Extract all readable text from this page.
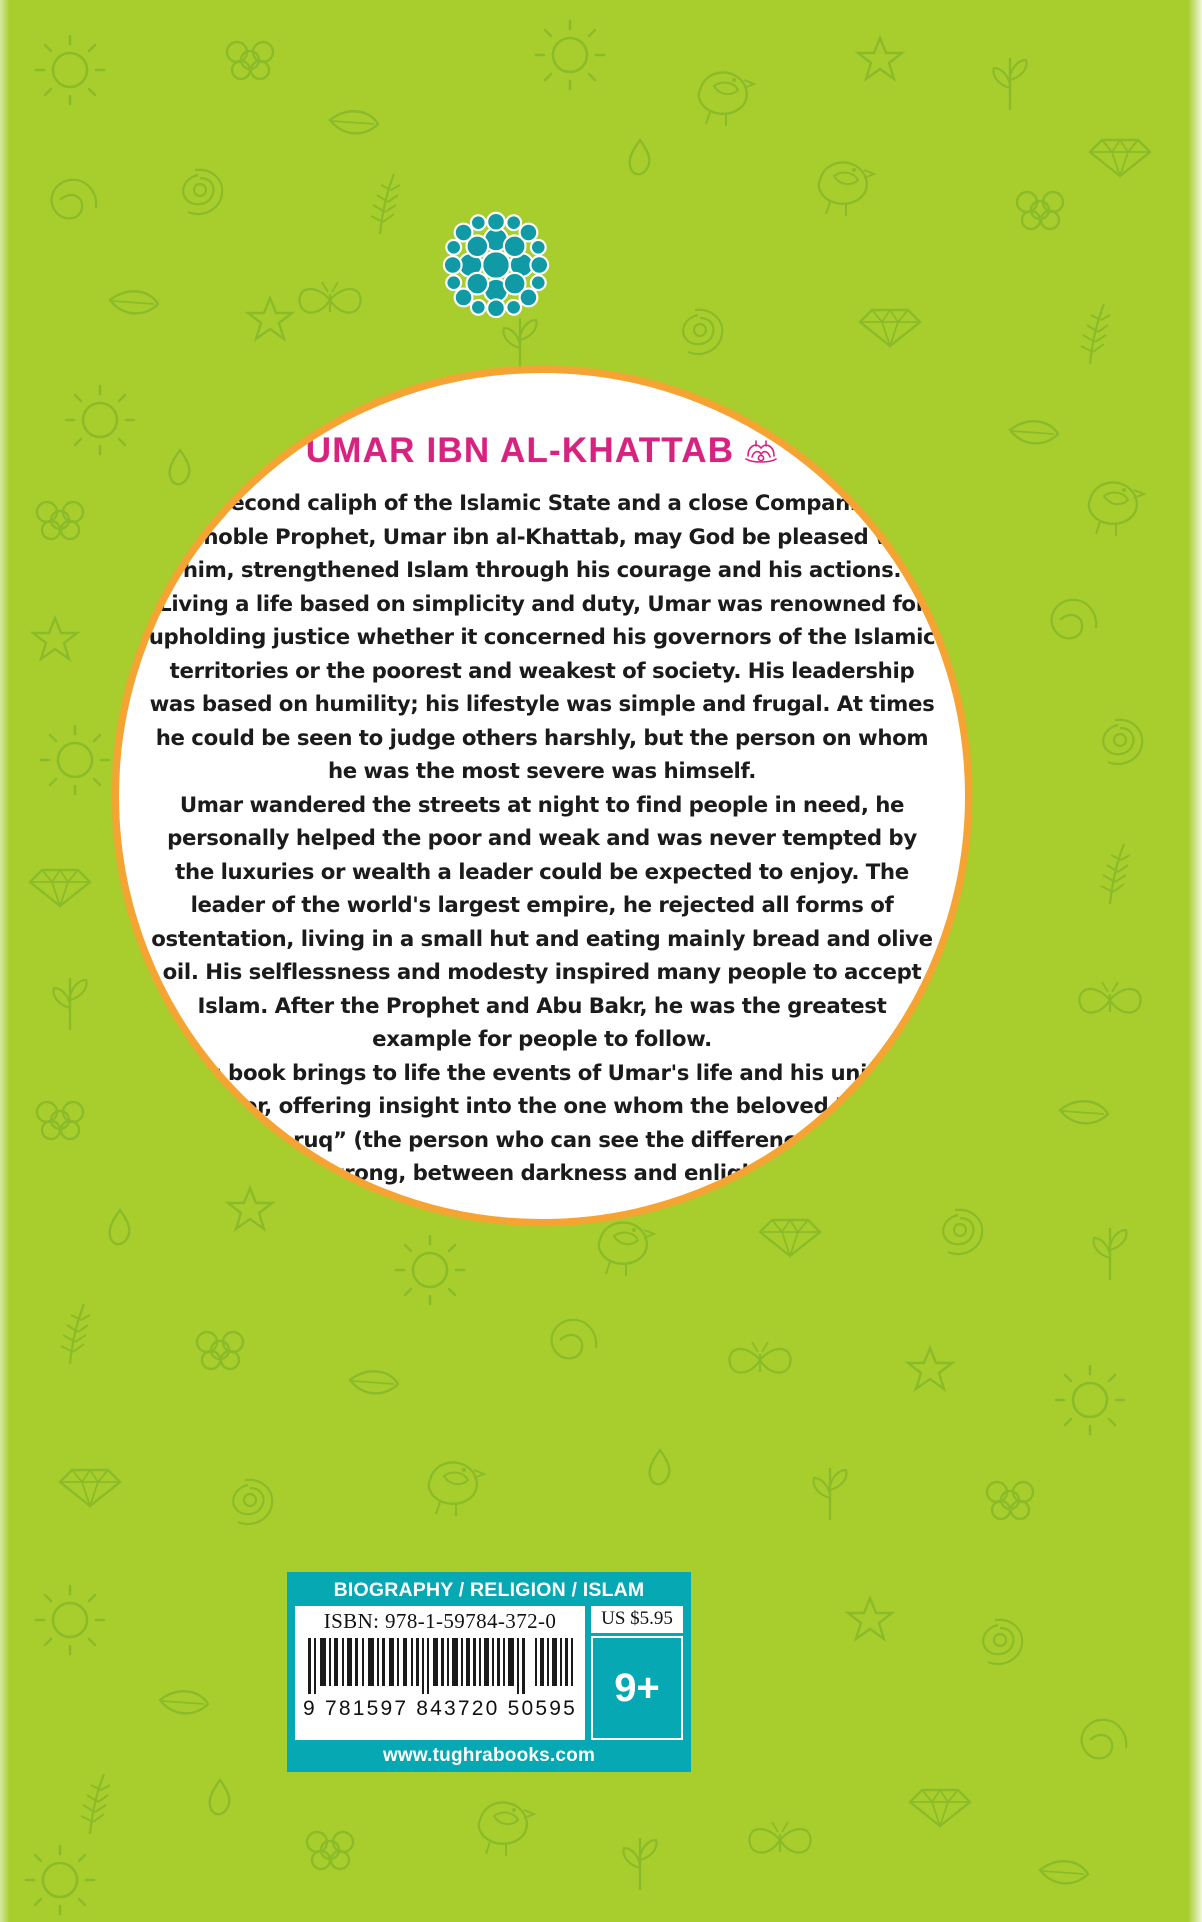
UMAR IBN AL-KHATTAB

The second caliph of the Islamic State and a close Companion of the noble Prophet, Umar ibn al-Khattab, may God be pleased with him, strengthened Islam through his courage and his actions. Living a life based on simplicity and duty, Umar was renowned for upholding justice whether it concerned his governors of the Islamic territories or the poorest and weakest of society. His leadership was based on humility; his lifestyle was simple and frugal. At times he could be seen to judge others harshly, but the person on whom he was the most severe was himself.

Umar wandered the streets at night to find people in need, he personally helped the poor and weak and was never tempted by the luxuries or wealth a leader could be expected to enjoy. The leader of the world's largest empire, he rejected all forms of ostentation, living in a small hut and eating mainly bread and olive oil. His selflessness and modesty inspired many people to accept Islam. After the Prophet and Abu Bakr, he was the greatest example for people to follow.

This book brings to life the events of Umar's life and his unique character, offering insight into the one whom the beloved Prophet named “Faruq” (the person who can see the difference between right and wrong, between darkness and enlightenment).

BIOGRAPHY / RELIGION / ISLAM
ISBN: 978-1-59784-372-0
9 781597 843720 50595
US $5.95
9+
www.tughrabooks.com
